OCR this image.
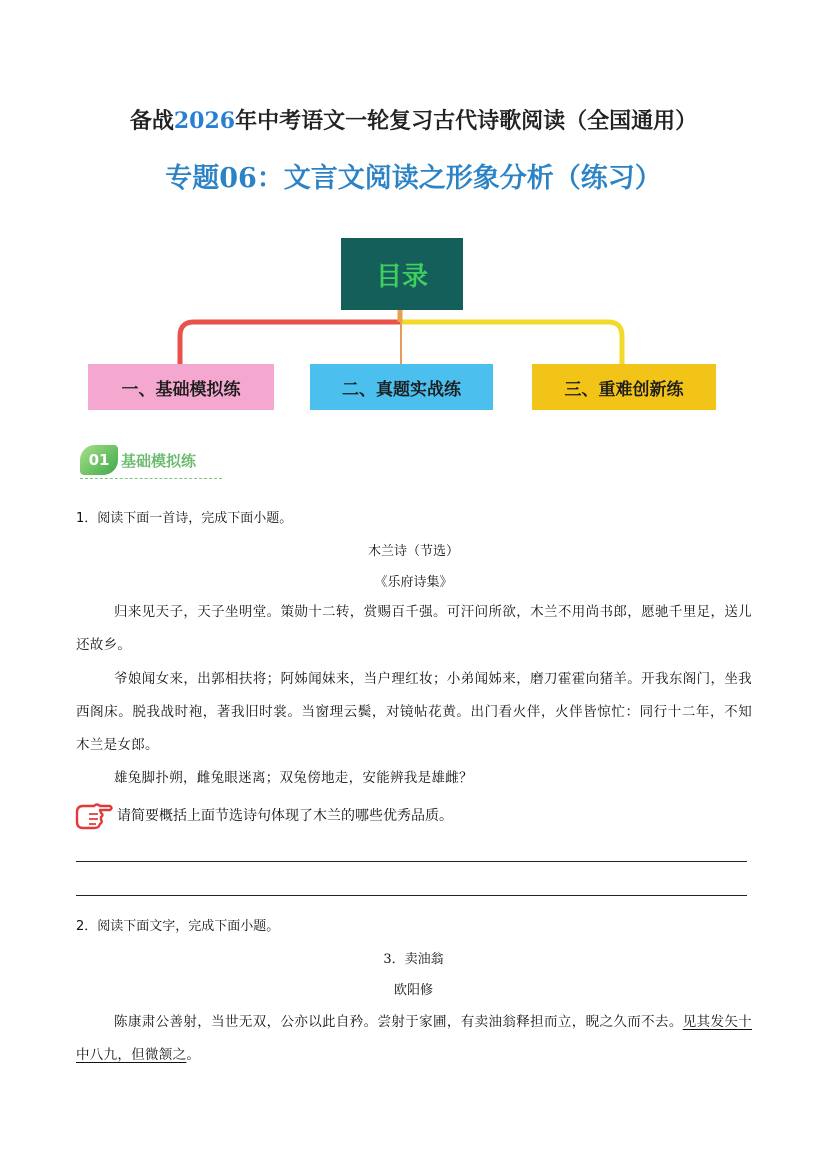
备战2026年中考语文一轮复习古代诗歌阅读（全国通用）
专题06：文言文阅读之形象分析（练习）
目录
一、基础模拟练	二、真题实战练	三、重难创新练
01 基础模拟练
1．阅读下面一首诗，完成下面小题。
木兰诗（节选）
《乐府诗集》
归来见天子，天子坐明堂。策勋十二转，赏赐百千强。可汗问所欲，木兰不用尚书郎，愿驰千里足，送儿还故乡。
爷娘闻女来，出郭相扶将；阿姊闻妹来，当户理红妆；小弟闻姊来，磨刀霍霍向猪羊。开我东阁门，坐我西阁床。脱我战时袍，著我旧时裳。当窗理云鬓，对镜帖花黄。出门看火伴，火伴皆惊忙：同行十二年，不知木兰是女郎。
雄兔脚扑朔，雌兔眼迷离；双兔傍地走，安能辨我是雄雌？
请简要概括上面节选诗句体现了木兰的哪些优秀品质。
2．阅读下面文字，完成下面小题。
3．卖油翁
欧阳修
陈康肃公善射，当世无双，公亦以此自矜。尝射于家圃，有卖油翁释担而立，睨之久而不去。见其发矢十中八九，但微颔之。
